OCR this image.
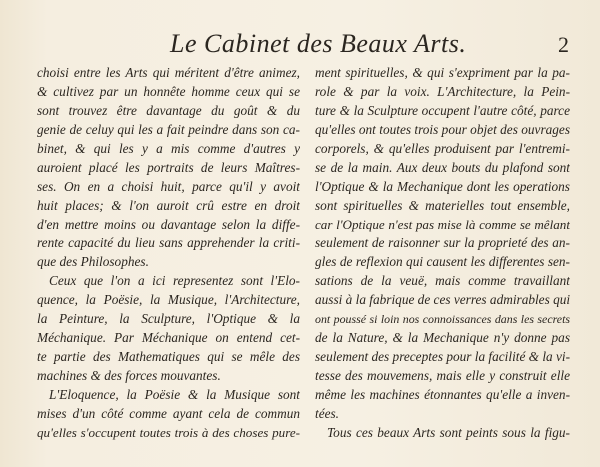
Le Cabinet des Beaux Arts.	2
choisi entre les Arts qui méritent d'être animez,
& cultivez par un honnête homme ceux qui se
sont trouvez être davantage du goût & du
genie de celuy qui les a fait peindre dans son ca-
binet, & qui les y a mis comme d'autres y
auroient placé les portraits de leurs Maîtres-
ses. On en a choisi huit, parce qu'il y avoit
huit places; & l'on auroit crû estre en droit
d'en mettre moins ou davantage selon la diffe-
rente capacité du lieu sans apprehender la criti-
que des Philosophes.
Ceux que l'on a ici representez sont l'Elo-
quence, la Poësie, la Musique, l'Architecture,
la Peinture, la Sculpture, l'Optique & la
Méchanique. Par Méchanique on entend cet-
te partie des Mathematiques qui se mêle des
machines & des forces mouvantes.
L'Eloquence, la Poësie & la Musique sont
mises d'un côté comme ayant cela de commun
qu'elles s'occupent toutes trois à des choses pure-
ment spirituelles, & qui s'expriment par la pa-
role & par la voix. L'Architecture, la Pein-
ture & la Sculpture occupent l'autre côté, parce
qu'elles ont toutes trois pour objet des ouvrages
corporels, & qu'elles produisent par l'entremi-
se de la main. Aux deux bouts du plafond sont
l'Optique & la Mechanique dont les operations
sont spirituelles & materielles tout ensemble,
car l'Optique n'est pas mise là comme se mêlant
seulement de raisonner sur la proprieté des an-
gles de reflexion qui causent les differentes sen-
sations de la veuë, mais comme travaillant
aussi à la fabrique de ces verres admirables qui
ont poussé si loin nos connoissances dans les secrets
de la Nature, & la Mechanique n'y donne pas
seulement des preceptes pour la facilité & la vi-
tesse des mouvemens, mais elle y construit elle
même les machines étonnantes qu'elle a inven-
tées.
Tous ces beaux Arts sont peints sous la figu-
